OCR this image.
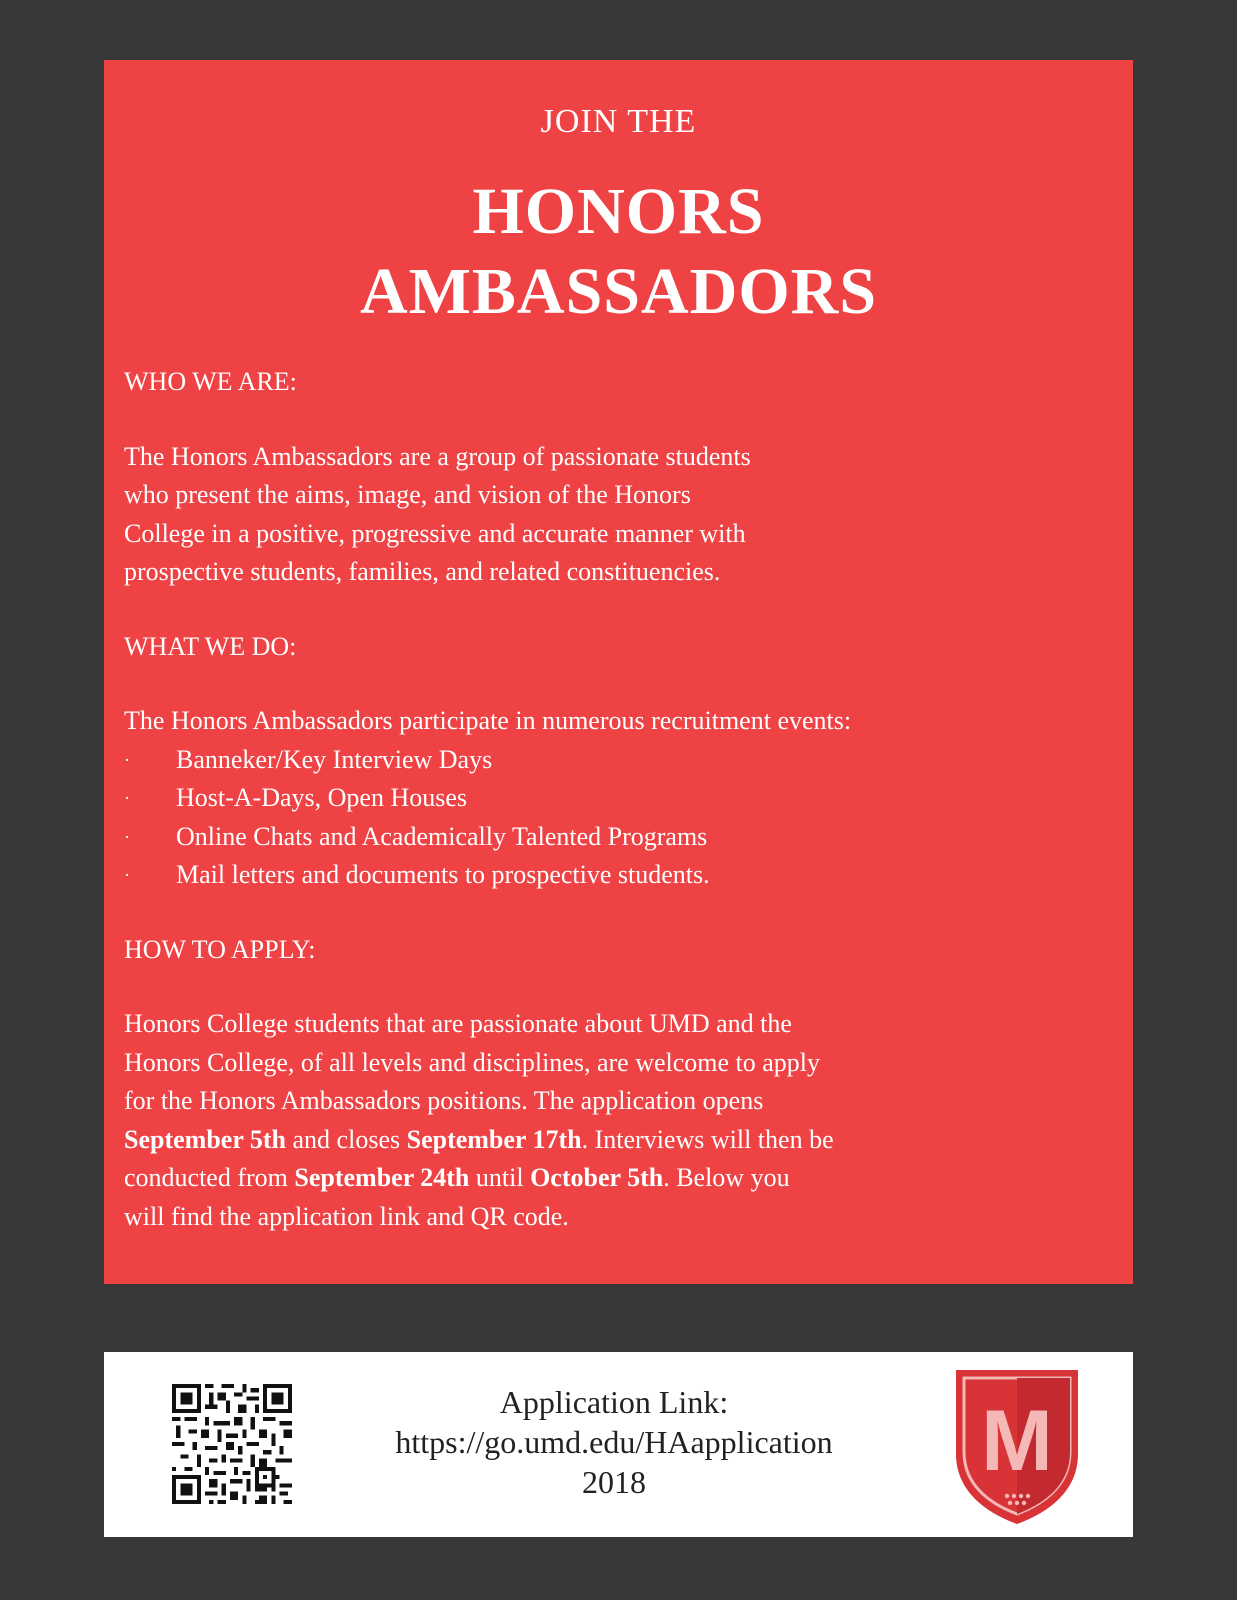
JOIN THE
HONORS
AMBASSADORS

WHO WE ARE:

The Honors Ambassadors are a group of passionate students

who present the aims, image, and vision of the Honors

College in a positive, progressive and accurate manner with

prospective students, families, and related constituencies.

WHAT WE DO:

The Honors Ambassadors participate in numerous recruitment events:

· Banneker/Key Interview Days
· Host-A-Days, Open Houses
· Online Chats and Academically Talented Programs
· Mail letters and documents to prospective students.

HOW TO APPLY:

Honors College students that are passionate about UMD and the

Honors College, of all levels and disciplines, are welcome to apply

for the Honors Ambassadors positions. The application opens

September 5th and closes September 17th. Interviews will then be

conducted from September 24th until October 5th. Below you

will find the application link and QR code.

Application Link:
https://go.umd.edu/HAapplication
2018	M
